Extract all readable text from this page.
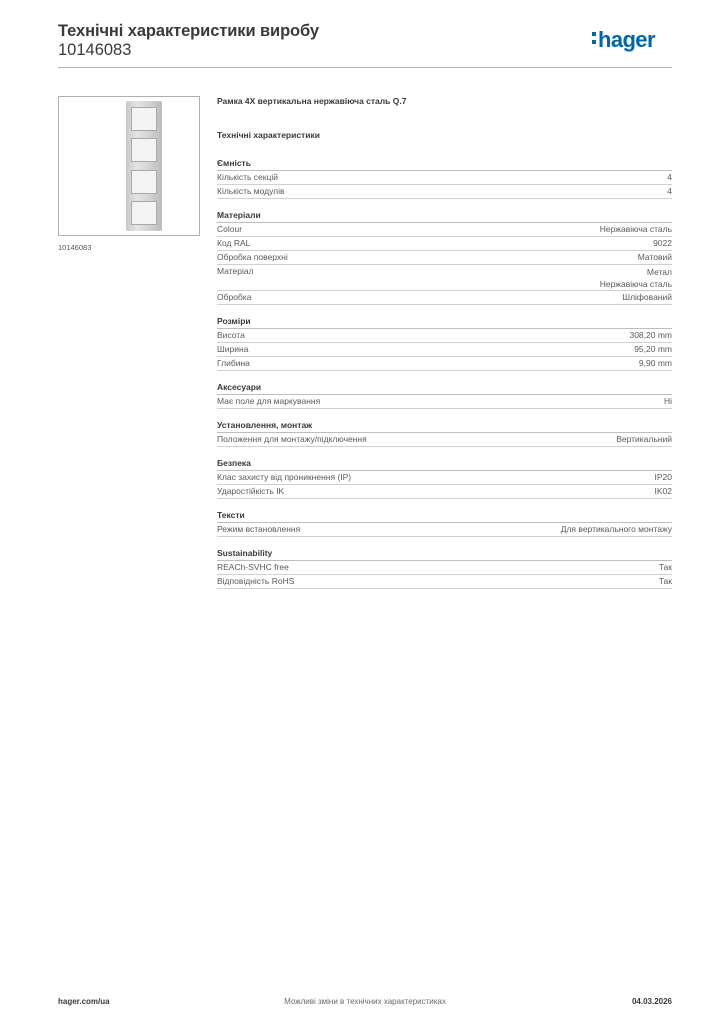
Технічні характеристики виробу
10146083	hager
10146083
Рамка 4X вертикальна нержавіюча сталь Q.7
Технічні характеристики
Ємність
Кількість секцій	4
Кількість модулів	4
Матеріали
Colour	Нержавіюча сталь
Код RAL	9022
Обробка поверхні	Матовий
Матеріал	Метал
Нержавіюча сталь
Обробка	Шліфований
Розміри
Висота	308,20 mm
Ширина	95,20 mm
Глибина	9,90 mm
Аксесуари
Має поле для маркування	Ні
Установлення, монтаж
Положення для монтажу/підключення	Вертикальний
Безпека
Клас захисту від проникнення (IP)	IP20
Ударостійкість IK	IK02
Тексти
Режим встановлення	Для вертикального монтажу
Sustainability
REACh-SVHC free	Так
Відповідність RoHS	Так
hager.com/ua	Можливі зміни в технічних характеристиках	04.03.2026
